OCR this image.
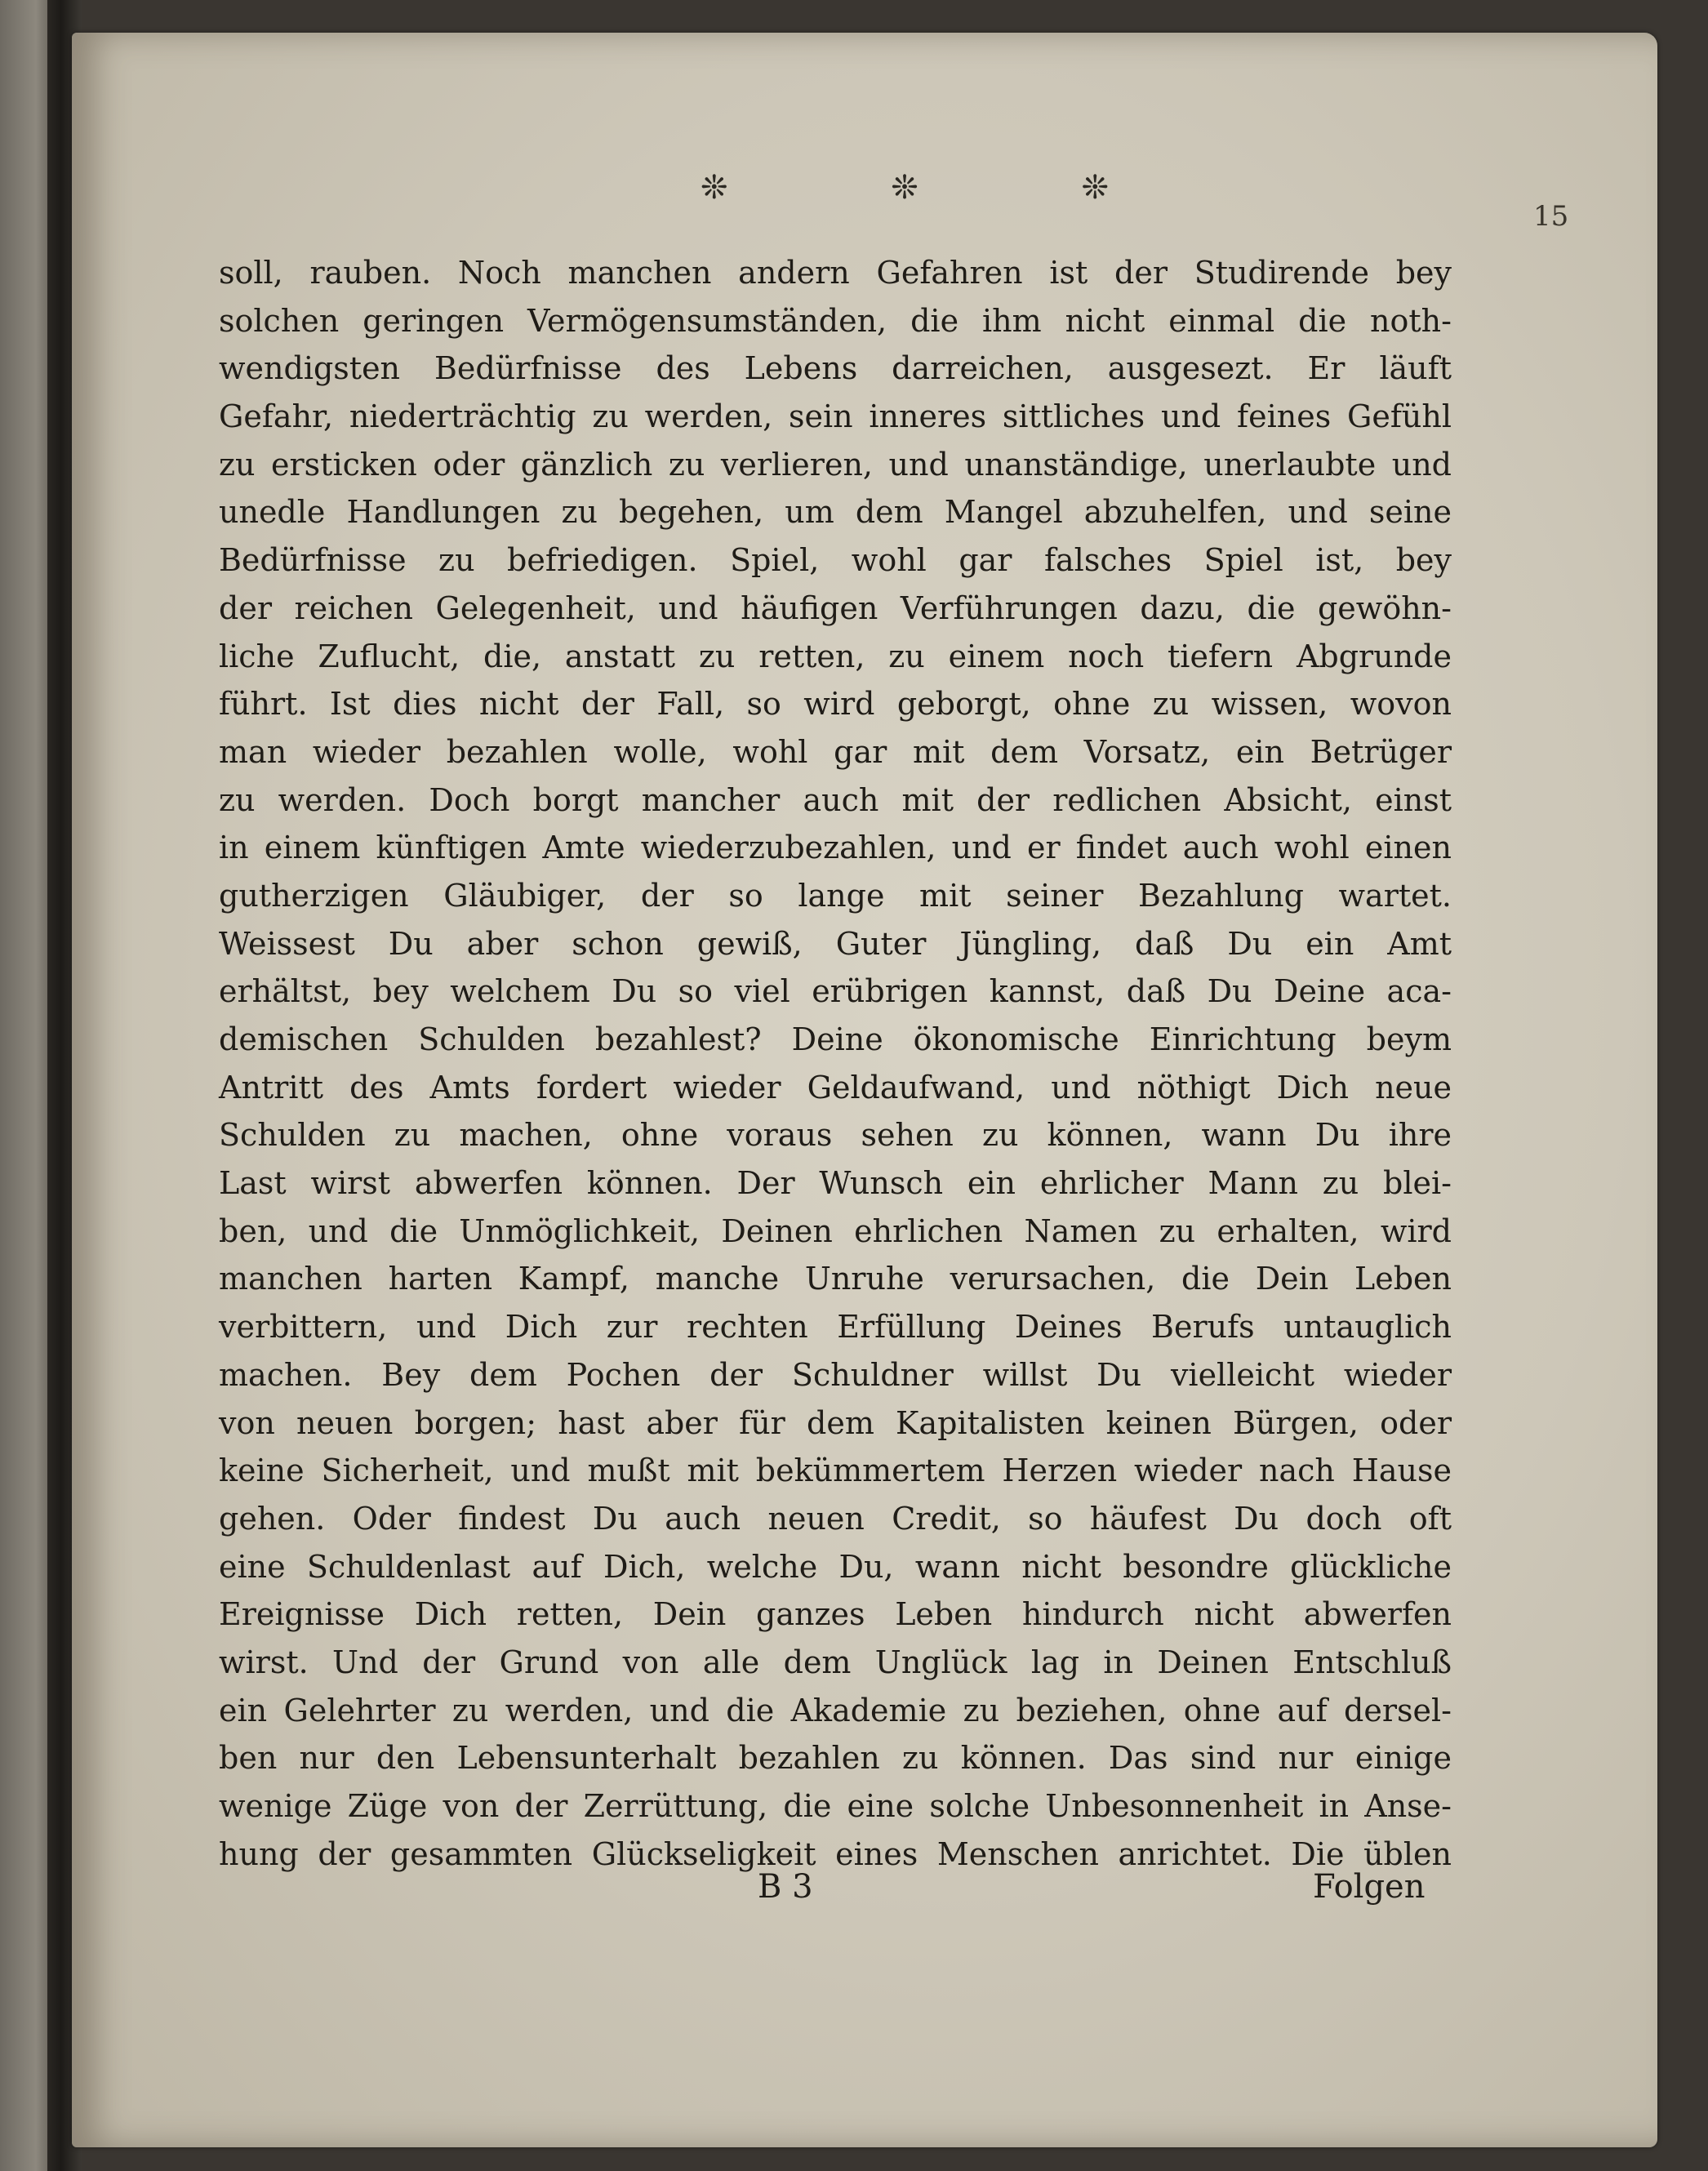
❊	❊	❊
15
soll, rauben. Noch manchen andern Gefahren ist der Studirende bey
solchen geringen Vermögensumständen, die ihm nicht einmal die noth-
wendigsten Bedürfnisse des Lebens darreichen, ausgesezt. Er läuft
Gefahr, niederträchtig zu werden, sein inneres sittliches und feines Gefühl
zu ersticken oder gänzlich zu verlieren, und unanständige, unerlaubte und
unedle Handlungen zu begehen, um dem Mangel abzuhelfen, und seine
Bedürfnisse zu befriedigen. Spiel, wohl gar falsches Spiel ist, bey
der reichen Gelegenheit, und häufigen Verführungen dazu, die gewöhn-
liche Zuflucht, die, anstatt zu retten, zu einem noch tiefern Abgrunde
führt. Ist dies nicht der Fall, so wird geborgt, ohne zu wissen, wovon
man wieder bezahlen wolle, wohl gar mit dem Vorsatz, ein Betrüger
zu werden. Doch borgt mancher auch mit der redlichen Absicht, einst
in einem künftigen Amte wiederzubezahlen, und er findet auch wohl einen
gutherzigen Gläubiger, der so lange mit seiner Bezahlung wartet.
Weissest Du aber schon gewiß, Guter Jüngling, daß Du ein Amt
erhältst, bey welchem Du so viel erübrigen kannst, daß Du Deine aca-
demischen Schulden bezahlest? Deine ökonomische Einrichtung beym
Antritt des Amts fordert wieder Geldaufwand, und nöthigt Dich neue
Schulden zu machen, ohne voraus sehen zu können, wann Du ihre
Last wirst abwerfen können. Der Wunsch ein ehrlicher Mann zu blei-
ben, und die Unmöglichkeit, Deinen ehrlichen Namen zu erhalten, wird
manchen harten Kampf, manche Unruhe verursachen, die Dein Leben
verbittern, und Dich zur rechten Erfüllung Deines Berufs untauglich
machen. Bey dem Pochen der Schuldner willst Du vielleicht wieder
von neuen borgen; hast aber für dem Kapitalisten keinen Bürgen, oder
keine Sicherheit, und mußt mit bekümmertem Herzen wieder nach Hause
gehen. Oder findest Du auch neuen Credit, so häufest Du doch oft
eine Schuldenlast auf Dich, welche Du, wann nicht besondre glückliche
Ereignisse Dich retten, Dein ganzes Leben hindurch nicht abwerfen
wirst. Und der Grund von alle dem Unglück lag in Deinen Entschluß
ein Gelehrter zu werden, und die Akademie zu beziehen, ohne auf dersel-
ben nur den Lebensunterhalt bezahlen zu können. Das sind nur einige
wenige Züge von der Zerrüttung, die eine solche Unbesonnenheit in Anse-
hung der gesammten Glückseligkeit eines Menschen anrichtet. Die üblen
B 3	Folgen
